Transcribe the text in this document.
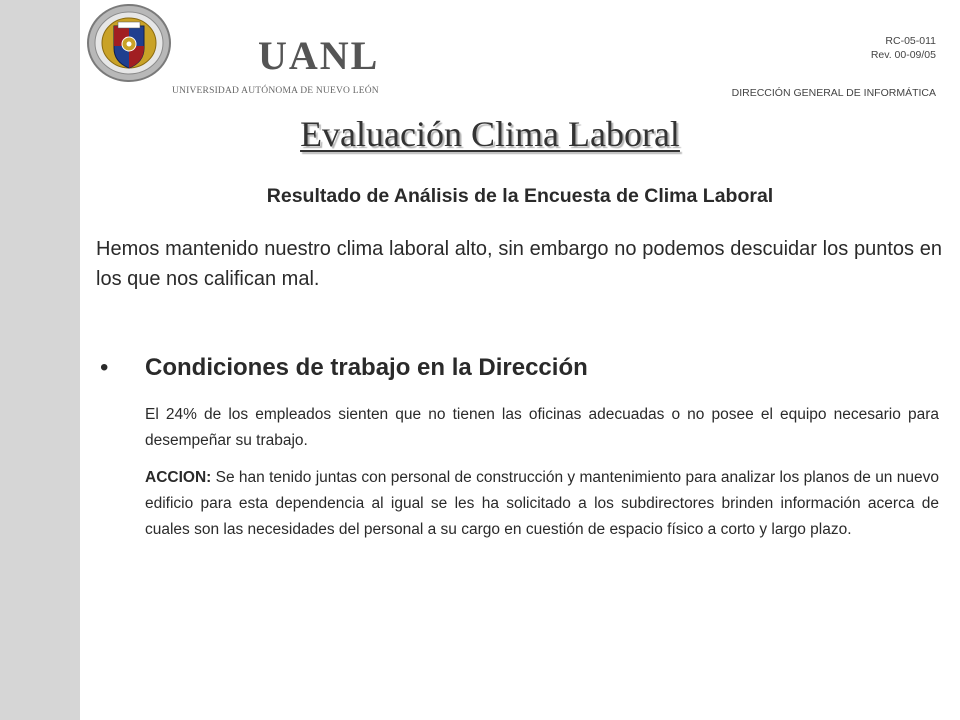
UANL
UNIVERSIDAD AUTÓNOMA DE NUEVO LEÓN
RC-05-011
Rev. 00-09/05
DIRECCIÓN GENERAL DE INFORMÁTICA
Evaluación Clima Laboral
Resultado de Análisis de la Encuesta de Clima Laboral
Hemos mantenido nuestro clima laboral alto, sin embargo no podemos descuidar los puntos en los que nos califican mal.
• Condiciones de trabajo en la Dirección
El 24% de los empleados sienten que no tienen las oficinas adecuadas o no posee el equipo necesario para desempeñar su trabajo.
ACCION: Se han tenido juntas con personal de construcción y mantenimiento para analizar los planos de un nuevo edificio para esta dependencia al igual se les ha solicitado a los subdirectores brinden información acerca de cuales son las necesidades del personal a su cargo en cuestión de espacio físico a corto y largo plazo.
